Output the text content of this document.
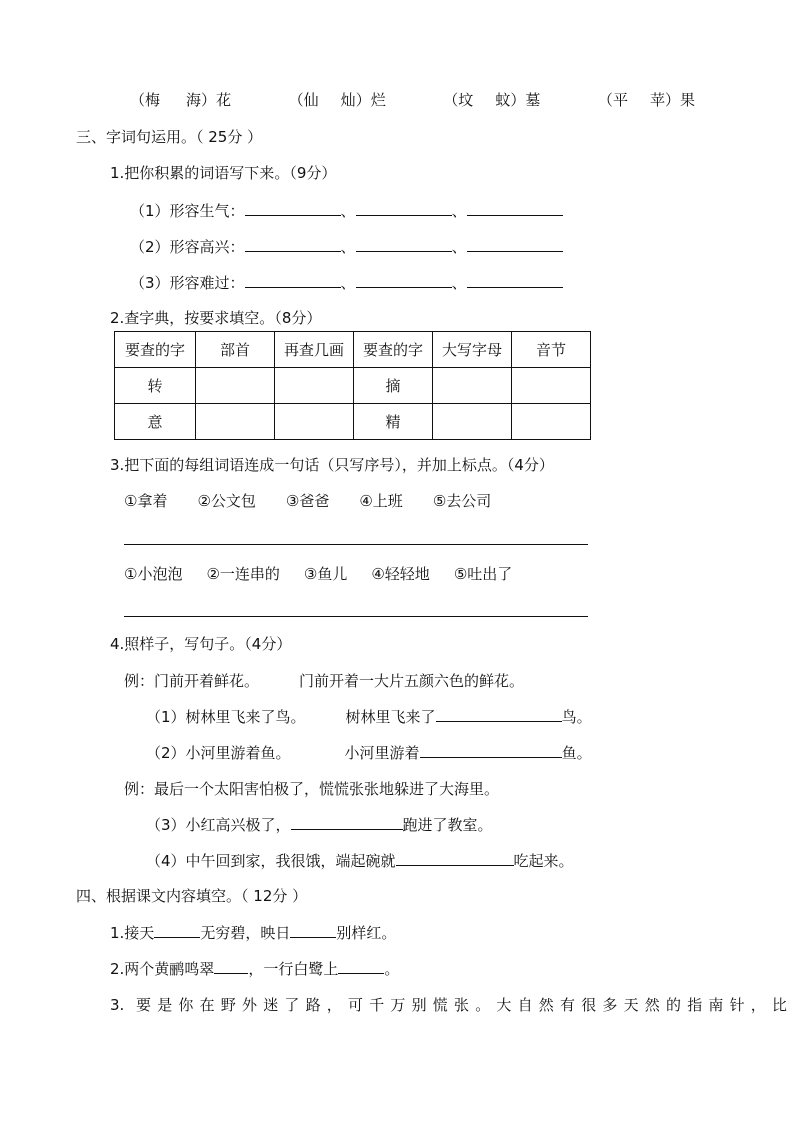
（梅 海）花	（仙 灿）烂	（坟 蚊）墓	（平 苹）果
三、字词句运用。（ 25分 ）
1.把你积累的词语写下来。（9分）
（1）形容生气：	、	、
（2）形容高兴：	、	、
（3）形容难过：	、	、
2.查字典，按要求填空。（8分）
要查的字	部首	再查几画	要查的字	大写字母	音节
转			摘		
意			精		
3.把下面的每组词语连成一句话（只写序号），并加上标点。（4分）
①拿着 ②公文包 ③爸爸 ④上班 ⑤去公司
①小泡泡 ②一连串的 ③鱼儿 ④轻轻地 ⑤吐出了
4.照样子，写句子。（4分）
例：门前开着鲜花。	门前开着一大片五颜六色的鲜花。
（1）树林里飞来了鸟。	树林里飞来了	鸟。
（2）小河里游着鱼。	小河里游着	鱼。
例：最后一个太阳害怕极了，慌慌张张地躲进了大海里。
（3）小红高兴极了，	跑进了教室。
（4）中午回到家，我很饿，端起碗就	吃起来。
四、根据课文内容填空。（ 12分 ）
1.接天	无穷碧，映日	别样红。
2.两个黄鹂鸣翠 ，一行白鹭上	。
3. 要是你在野外迷了路，可千万别慌张。大自然有很多天然的指南针，比
